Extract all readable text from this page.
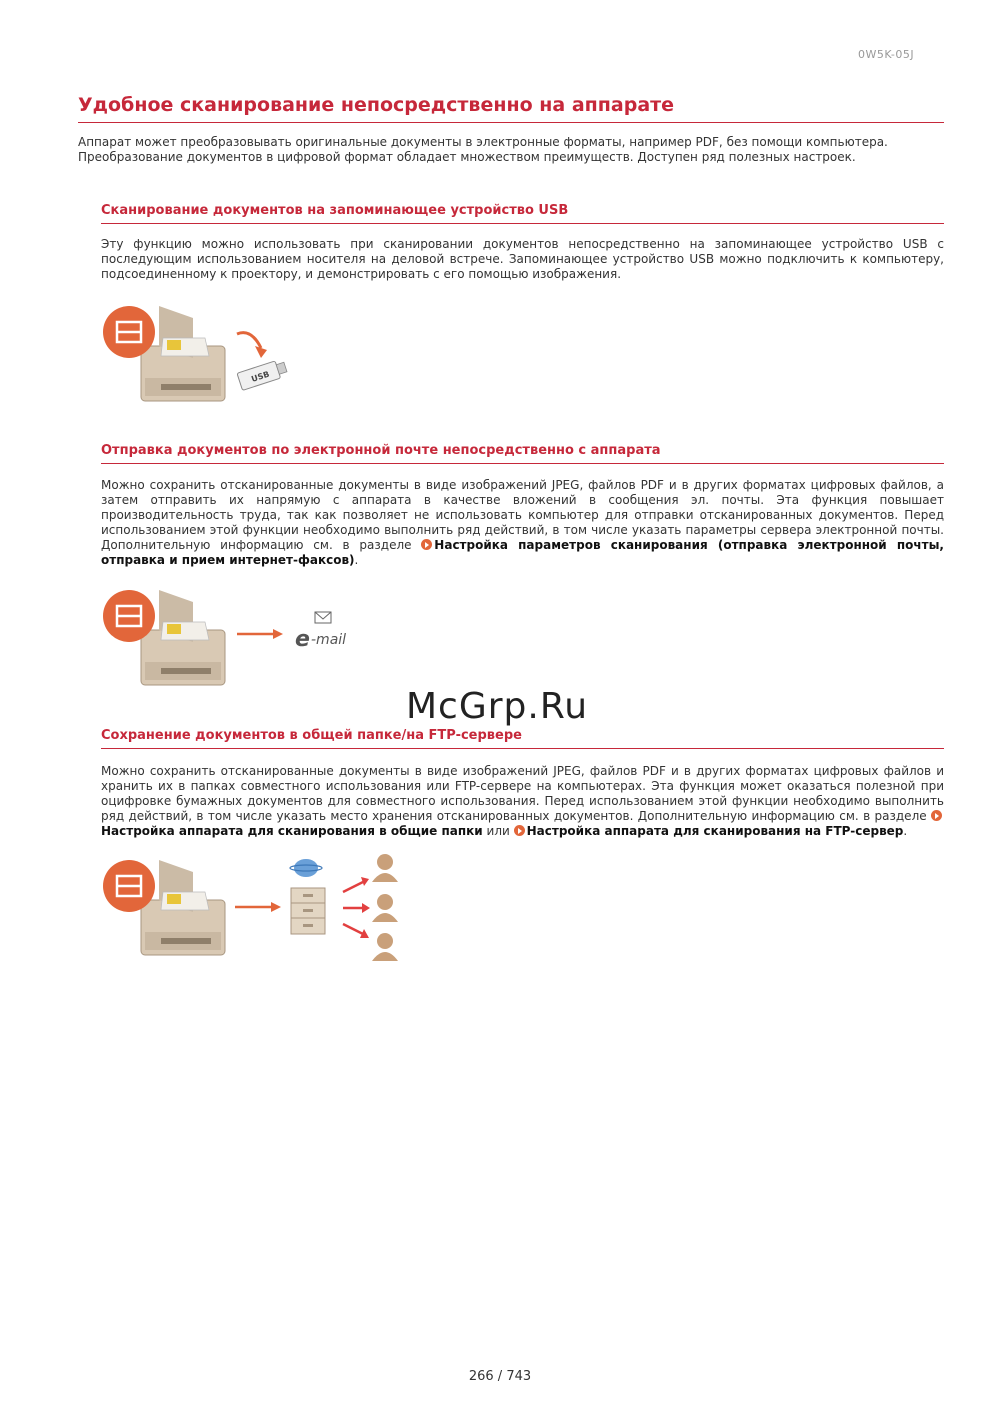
0W5K-05J
Удобное сканирование непосредственно на аппарате

Аппарат может преобразовывать оригинальные документы в электронные форматы, например PDF, без помощи компьютера.

Преобразование документов в цифровой формат обладает множеством преимуществ. Доступен ряд полезных настроек.

Сканирование документов на запоминающее устройство USB
Эту функцию можно использовать при сканировании документов непосредственно на запоминающее устройство USB с последующим использованием носителя на деловой встрече. Запоминающее устройство USB можно подключить к компьютеру, подсоединенному к проектору, и демонстрировать с его помощью изображения.
USB
Отправка документов по электронной почте непосредственно с аппарата
Можно сохранить отсканированные документы в виде изображений JPEG, файлов PDF и в других форматах цифровых файлов, а затем отправить их напрямую с аппарата в качестве вложений в сообщения эл. почты. Эта функция повышает производительность труда, так как позволяет не использовать компьютер для отправки отсканированных документов. Перед использованием этой функции необходимо выполнить ряд действий, в том числе указать параметры сервера электронной почты. Дополнительную информацию см. в разделе Настройка параметров сканирования (отправка электронной почты, отправка и прием интернет-факсов).
e -mail
McGrp.Ru
Сохранение документов в общей папке/на FTP-сервере
Можно сохранить отсканированные документы в виде изображений JPEG, файлов PDF и в других форматах цифровых файлов и хранить их в папках совместного использования или FTP-сервере на компьютерах. Эта функция может оказаться полезной при оцифровке бумажных документов для совместного использования. Перед использованием этой функции необходимо выполнить ряд действий, в том числе указать место хранения отсканированных документов. Дополнительную информацию см. в разделе Настройка аппарата для сканирования в общие папки или Настройка аппарата для сканирования на FTP-сервер.
266 / 743
